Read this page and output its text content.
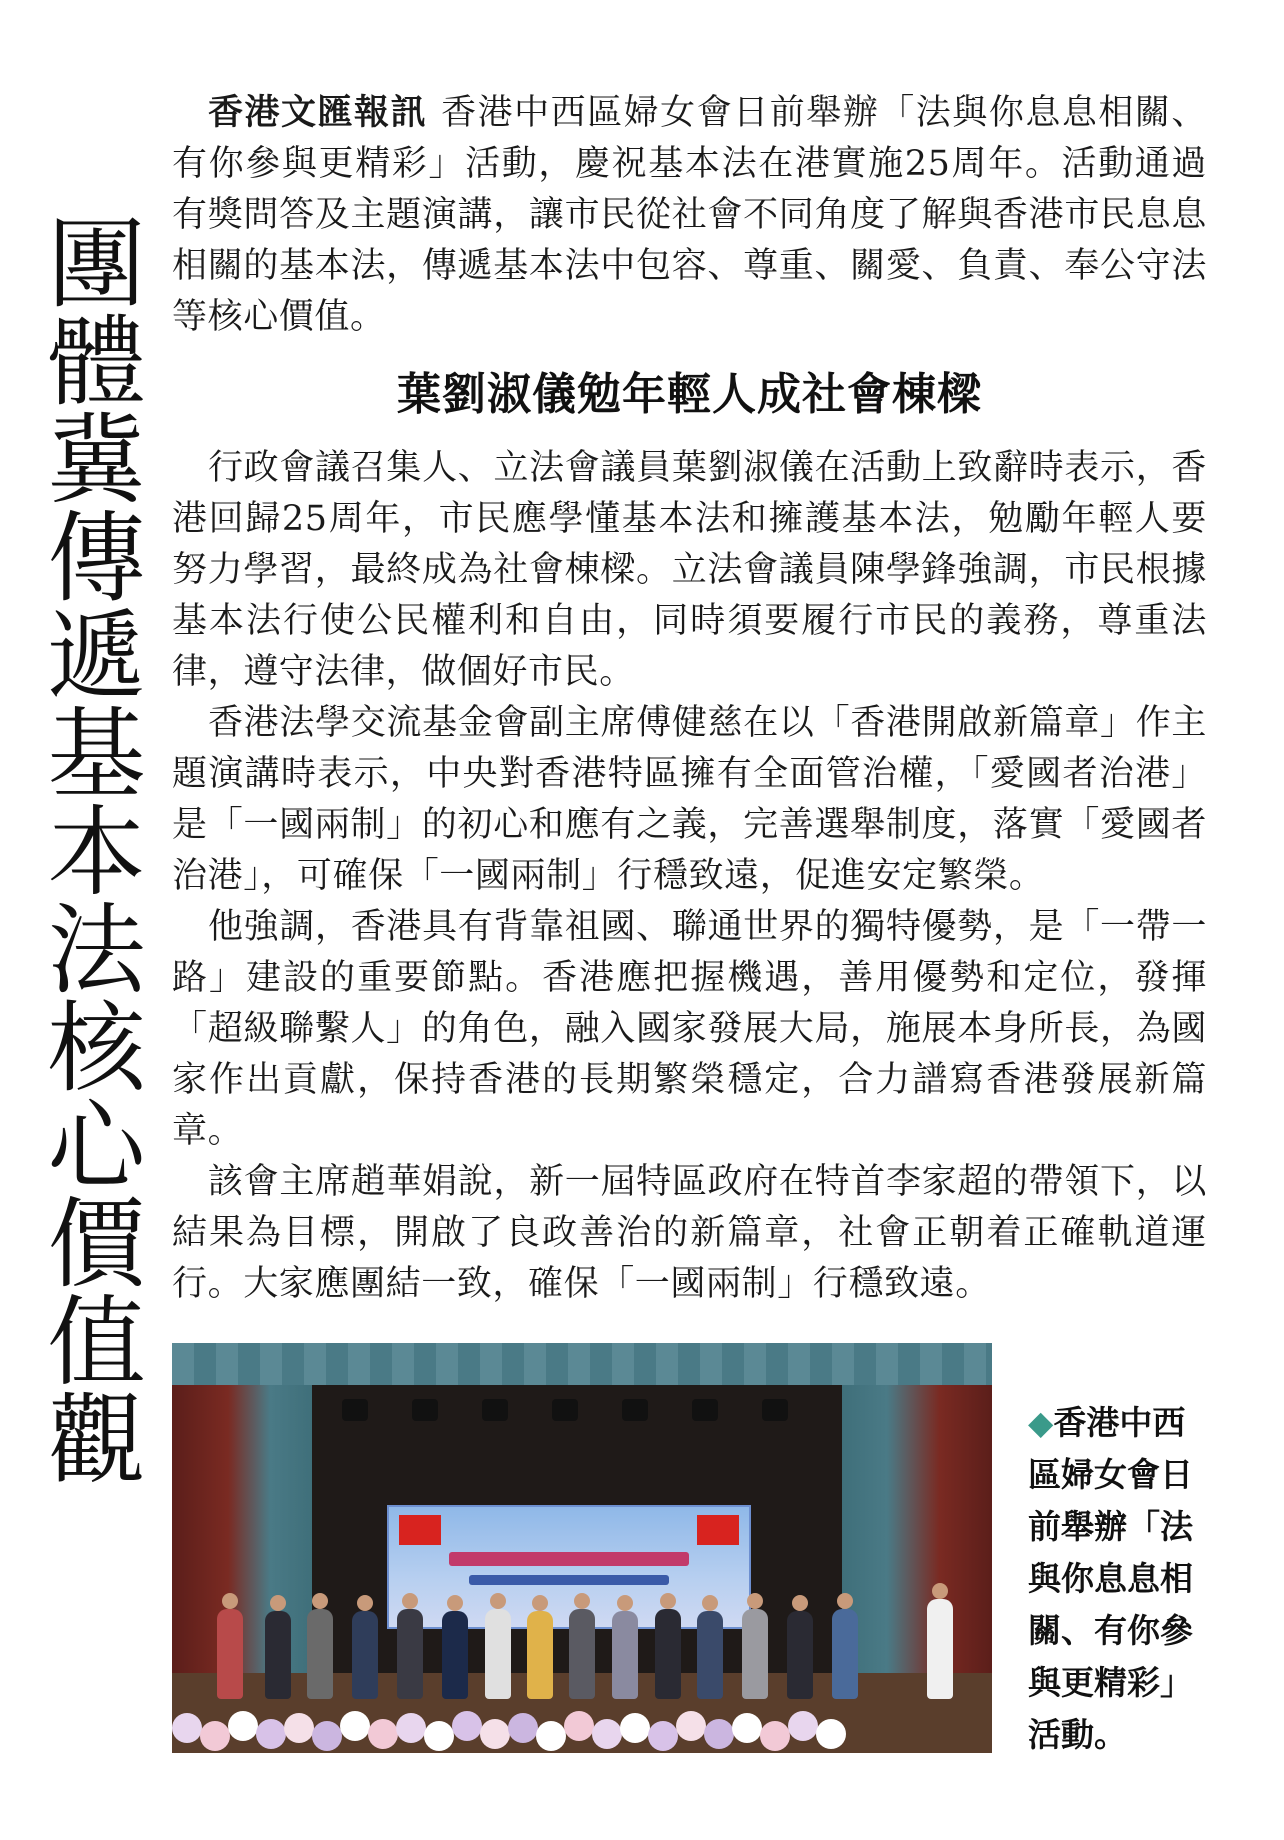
團體冀傳遞基本法核心價值觀

香港文匯報訊 香港中西區婦女會日前舉辦「法與你息息相關、有你參與更精彩」活動，慶祝基本法在港實施25周年。活動通過有獎問答及主題演講，讓市民從社會不同角度了解與香港市民息息相關的基本法，傳遞基本法中包容、尊重、關愛、負責、奉公守法等核心價值。

葉劉淑儀勉年輕人成社會棟樑

行政會議召集人、立法會議員葉劉淑儀在活動上致辭時表示，香港回歸25周年，市民應學懂基本法和擁護基本法，勉勵年輕人要努力學習，最終成為社會棟樑。立法會議員陳學鋒強調，市民根據基本法行使公民權利和自由，同時須要履行市民的義務，尊重法律，遵守法律，做個好市民。

香港法學交流基金會副主席傅健慈在以「香港開啟新篇章」作主題演講時表示，中央對香港特區擁有全面管治權，「愛國者治港」是「一國兩制」的初心和應有之義，完善選舉制度，落實「愛國者治港」，可確保「一國兩制」行穩致遠，促進安定繁榮。

他強調，香港具有背靠祖國、聯通世界的獨特優勢，是「一帶一路」建設的重要節點。香港應把握機遇，善用優勢和定位，發揮「超級聯繫人」的角色，融入國家發展大局，施展本身所長，為國家作出貢獻，保持香港的長期繁榮穩定，合力譜寫香港發展新篇章。

該會主席趙華娟說，新一屆特區政府在特首李家超的帶領下，以結果為目標，開啟了良政善治的新篇章，社會正朝着正確軌道運行。大家應團結一致，確保「一國兩制」行穩致遠。

◆香港中西區婦女會日前舉辦「法與你息息相關、有你參與更精彩」活動。
